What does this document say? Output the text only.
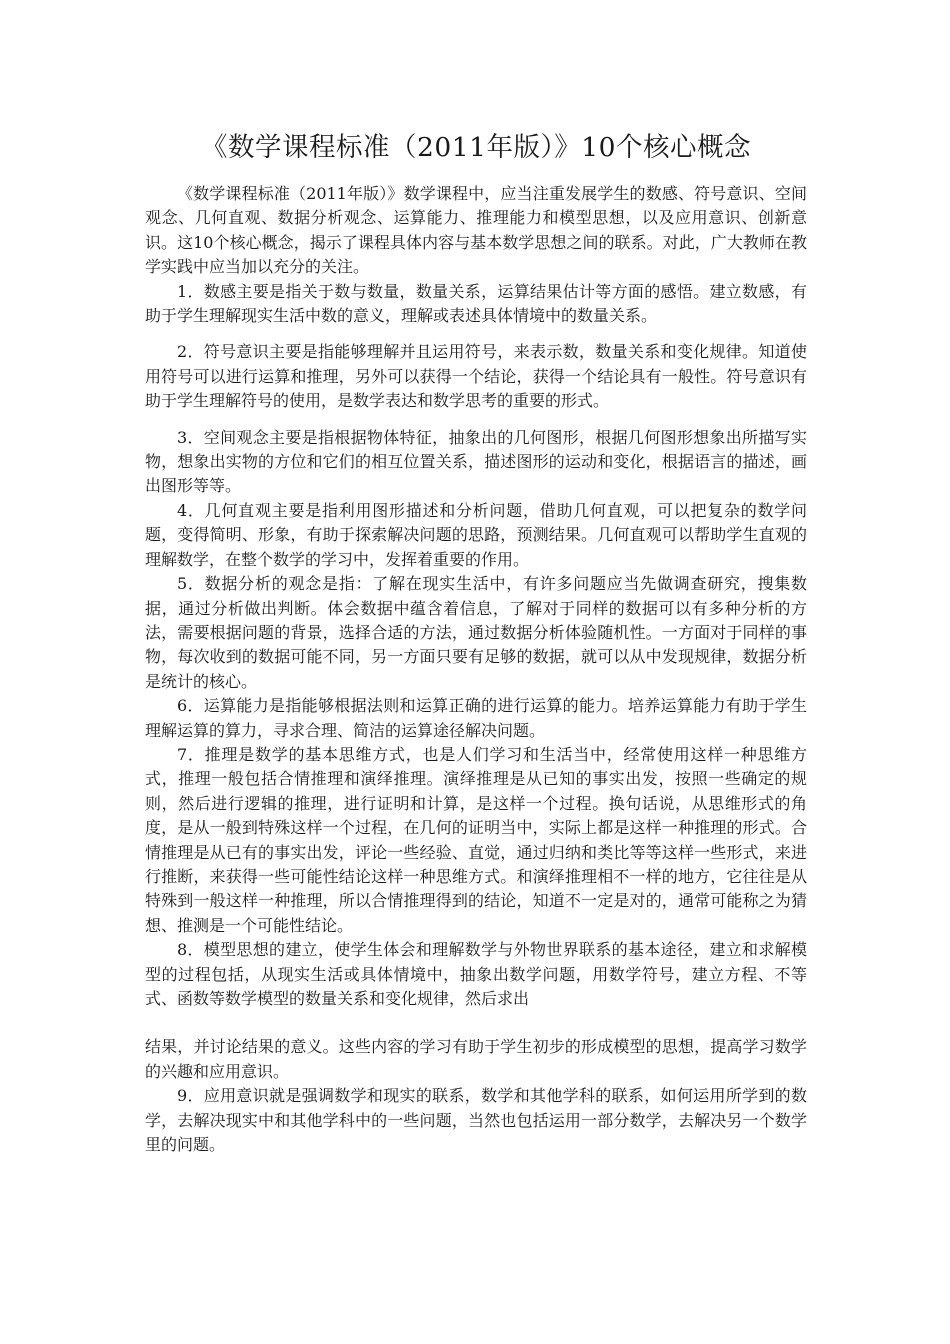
《数学课程标准（2011年版）》10个核心概念

《数学课程标准（2011年版）》数学课程中，应当注重发展学生的数感、符号意识、空间观念、几何直观、数据分析观念、运算能力、推理能力和模型思想，以及应用意识、创新意识。这10个核心概念，揭示了课程具体内容与基本数学思想之间的联系。对此，广大教师在教学实践中应当加以充分的关注。

1．数感主要是指关于数与数量，数量关系，运算结果估计等方面的感悟。建立数感，有助于学生理解现实生活中数的意义，理解或表述具体情境中的数量关系。

2．符号意识主要是指能够理解并且运用符号，来表示数，数量关系和变化规律。知道使用符号可以进行运算和推理，另外可以获得一个结论，获得一个结论具有一般性。符号意识有助于学生理解符号的使用，是数学表达和数学思考的重要的形式。

3．空间观念主要是指根据物体特征，抽象出的几何图形，根据几何图形想象出所描写实物，想象出实物的方位和它们的相互位置关系，描述图形的运动和变化，根据语言的描述，画出图形等等。

4．几何直观主要是指利用图形描述和分析问题，借助几何直观，可以把复杂的数学问题，变得简明、形象，有助于探索解决问题的思路，预测结果。几何直观可以帮助学生直观的理解数学，在整个数学的学习中，发挥着重要的作用。

5．数据分析的观念是指：了解在现实生活中，有许多问题应当先做调查研究，搜集数据，通过分析做出判断。体会数据中蕴含着信息，了解对于同样的数据可以有多种分析的方法，需要根据问题的背景，选择合适的方法，通过数据分析体验随机性。一方面对于同样的事物，每次收到的数据可能不同，另一方面只要有足够的数据，就可以从中发现规律，数据分析是统计的核心。

6．运算能力是指能够根据法则和运算正确的进行运算的能力。培养运算能力有助于学生理解运算的算力，寻求合理、简洁的运算途径解决问题。

7．推理是数学的基本思维方式，也是人们学习和生活当中，经常使用这样一种思维方式，推理一般包括合情推理和演绎推理。演绎推理是从已知的事实出发，按照一些确定的规则，然后进行逻辑的推理，进行证明和计算，是这样一个过程。换句话说，从思维形式的角度，是从一般到特殊这样一个过程，在几何的证明当中，实际上都是这样一种推理的形式。合情推理是从已有的事实出发，评论一些经验、直觉，通过归纳和类比等等这样一些形式，来进行推断，来获得一些可能性结论这样一种思维方式。和演绎推理相不一样的地方，它往往是从特殊到一般这样一种推理，所以合情推理得到的结论，知道不一定是对的，通常可能称之为猜想、推测是一个可能性结论。

8．模型思想的建立，使学生体会和理解数学与外物世界联系的基本途径，建立和求解模型的过程包括，从现实生活或具体情境中，抽象出数学问题，用数学符号，建立方程、不等式、函数等数学模型的数量关系和变化规律，然后求出

结果，并讨论结果的意义。这些内容的学习有助于学生初步的形成模型的思想，提高学习数学的兴趣和应用意识。

9．应用意识就是强调数学和现实的联系，数学和其他学科的联系，如何运用所学到的数学，去解决现实中和其他学科中的一些问题，当然也包括运用一部分数学，去解决另一个数学里的问题。
